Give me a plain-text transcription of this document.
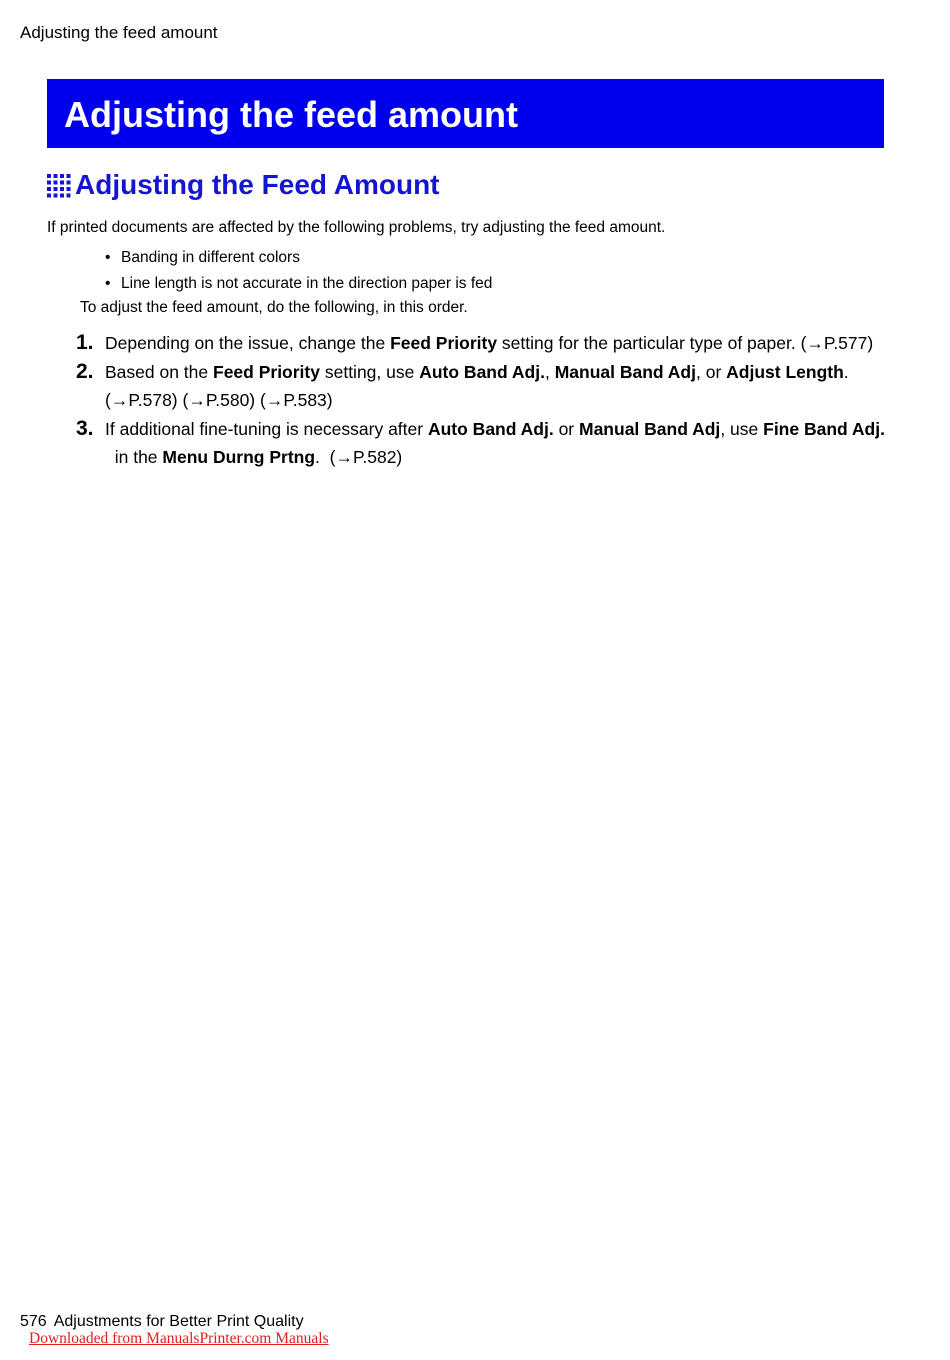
Adjusting the feed amount
Adjusting the feed amount
Adjusting the Feed Amount
If printed documents are affected by the following problems, try adjusting the feed amount.
• Banding in different colors
• Line length is not accurate in the direction paper is fed
To adjust the feed amount, do the following, in this order.
1. Depending on the issue, change the Feed Priority setting for the particular type of paper. (→P.577)
2. Based on the Feed Priority setting, use Auto Band Adj., Manual Band Adj, or Adjust Length. (→P.578) (→P.580) (→P.583)
3. If additional fine-tuning is necessary after Auto Band Adj. or Manual Band Adj, use Fine Band Adj.  in the Menu Durng Prtng.  (→P.582)
576 Adjustments for Better Print Quality
Downloaded from ManualsPrinter.com Manuals
